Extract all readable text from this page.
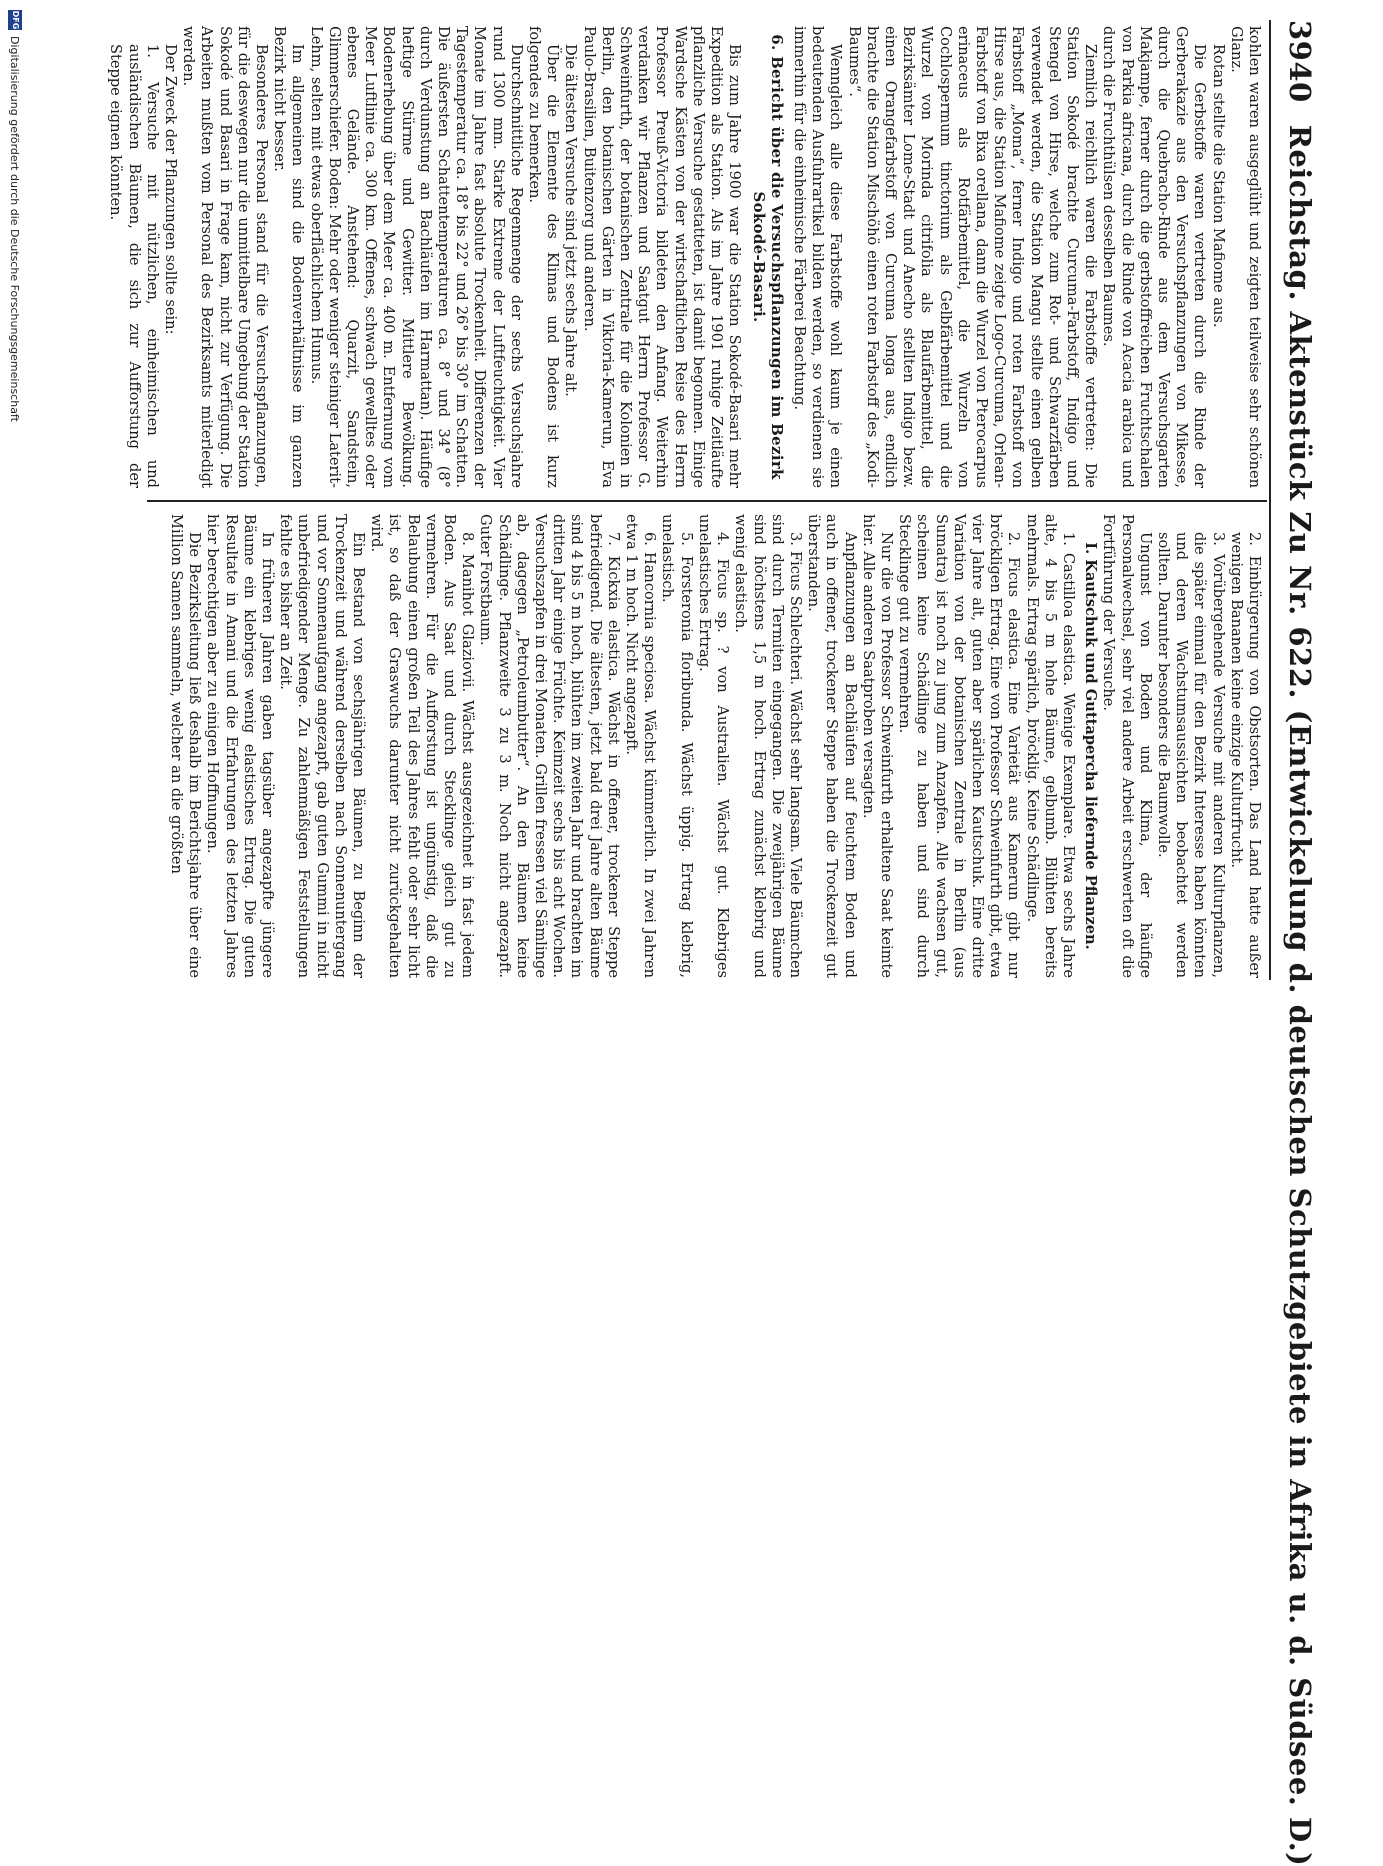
3940
Reichstag. Aktenstück Zu Nr. 622. (Entwickelung d. deutschen Schutzgebiete in Afrika u. d. Südsee. D.)

kohlen waren ausgeglüht und zeigten teilweise sehr schönen Glanz.

Rotan stellte die Station Mafiome aus.

Die Gerbstoffe waren vertreten durch die Rinde der Gerberakazie aus den Versuchspflanzungen von Mikesse, durch die Quebracho-Rinde aus dem Versuchsgarten Makjampe, ferner durch die gerbstoffreichen Fruchtschalen von Parkia africana, durch die Rinde von Acacia arabica und durch die Fruchthülsen desselben Baumes.

Ziemlich reichlich waren die Farbstoffe vertreten: Die Station Sokodé brachte Curcuma-Farbstoff, Indigo und Stengel von Hirse, welche zum Rot- und Schwarzfärben verwendet werden, die Station Mangu stellte einen gelben Farbstoff „Moma“, ferner Indigo und roten Farbstoff von Hirse aus, die Station Mafiome zeigte Logo-Curcuma, Orlean-Farbstoff von Bixa orellana, dann die Wurzel von Pterocarpus erinaceus als Rotfärbemittel, die Wurzeln von Cochlospermum tinctorium als Gelbfärbemittel und die Wurzel von Morinda citrifolia als Blaufärbemittel, die Bezirksämter Lome-Stadt und Anecho stellten Indigo bezw. einen Orangefarbstoff von Curcuma longa aus, endlich brachte die Station Mischöhö einen roten Farbstoff des „Kodi-Baumes“.

Wenngleich alle diese Farbstoffe wohl kaum je einen bedeutenden Ausfuhrartikel bilden werden, so verdienen sie immerhin für die einheimische Färberei Beachtung.

6. Bericht über die Versuchspflanzungen im Bezirk Sokodé-Basari.

Bis zum Jahre 1900 war die Station Sokodé-Basari mehr Expedition als Station. Als im Jahre 1901 ruhige Zeitläufte pflanzliche Versuche gestatteten, ist damit begonnen. Einige Wardsche Kästen von der wirtschaftlichen Reise des Herrn Professor Preuß-Victoria bildeten den Anfang. Weiterhin verdanken wir Pflanzen und Saatgut Herrn Professor G. Schweinfurth, der botanischen Zentrale für die Kolonien in Berlin, den botanischen Gärten in Viktoria-Kamerun, Eva Paulo-Brasilien, Buitenzorg und anderen.

Die ältesten Versuche sind jetzt sechs Jahre alt.

Über die Elemente des Klimas und Bodens ist kurz folgendes zu bemerken.

Durchschnittliche Regenmenge der sechs Versuchsjahre rund 1300 mm. Starke Extreme der Luftfeuchtigkeit. Vier Monate im Jahre fast absolute Trockenheit. Differenzen der Tagestemperatur ca. 18° bis 22° und 26° bis 30° im Schatten. Die äußersten Schattentemperaturen ca. 8° und 34° (8° durch Verdunstung an Bachläufen im Harmattan). Häufige heftige Stürme und Gewitter. Mittlere Bewölkung. Bodenerhebung über dem Meer ca. 400 m. Entfernung vom Meer Luftlinie ca. 300 km. Offenes, schwach gewelltes oder ebenes Gelände. Anstehend: Quarzit, Sandstein, Glimmerschiefer. Boden: Mehr oder weniger steiniger Laterit-Lehm, selten mit etwas oberflächlichem Humus.

Im allgemeinen sind die Bodenverhältnisse im ganzen Bezirk nicht besser.

Besonderes Personal stand für die Versuchspflanzungen, für die deswegen nur die unmittelbare Umgebung der Station Sokodé und Basari in Frage kam, nicht zur Verfügung. Die Arbeiten mußten vom Personal des Bezirksamts miterledigt werden.

Der Zweck der Pflanzungen sollte sein:

1. Versuche mit nützlichen, einheimischen und ausländischen Bäumen, die sich zur Aufforstung der Steppe eignen könnten.

2. Einbürgerung von Obstsorten. Das Land hatte außer wenigen Bananen keine einzige Kulturfrucht.

3. Vorübergehende Versuche mit anderen Kulturpflanzen, die später einmal für den Bezirk Interesse haben könnten und deren Wachstumsaussichten beobachtet werden sollten. Darunter besonders die Baumwolle.

Ungunst von Boden und Klima, der häufige Personalwechsel, sehr viel andere Arbeit erschwerten oft die Fortführung der Versuche.

I. Kautschuk und Guttapercha liefernde Pflanzen.

1. Castilloa elastica. Wenige Exemplare. Etwa sechs Jahre alte, 4 bis 5 m hohe Bäume, gelbumb. Blühten bereits mehrmals. Ertrag spärlich, bröcklig. Keine Schädlinge.

2. Ficus elastica. Eine Varietät aus Kamerun gibt nur bröckligen Ertrag. Eine von Professor Schweinfurth gibt, etwa vier Jahre alt, guten aber spärlichen Kautschuk. Eine dritte Variation von der botanischen Zentrale in Berlin (aus Sumatra) ist noch zu jung zum Anzapfen. Alle wachsen gut, scheinen keine Schädlinge zu haben und sind durch Stecklinge gut zu vermehren.

Nur die von Professor Schweinfurth erhaltene Saat keimte hier. Alle anderen Saatproben versagten.

Anpflanzungen an Bachläufen auf feuchtem Boden und auch in offener, trockener Steppe haben die Trockenzeit gut überstanden.

3. Ficus Schlechteri. Wächst sehr langsam. Viele Bäumchen sind durch Termiten eingegangen. Die zweijährigen Bäume sind höchstens 1,5 m hoch. Ertrag zunächst klebrig und wenig elastisch.

4. Ficus sp. ? von Australien. Wächst gut. Klebriges unelastisches Ertrag.

5. Forsteronia floribunda. Wächst üppig. Ertrag klebrig, unelastisch.

6. Hancornia speciosa. Wächst kümmerlich. In zwei Jahren etwa 1 m hoch. Nicht angezapft.

7. Kickxia elastica. Wächst in offener, trockener Steppe befriedigend. Die ältesten, jetzt bald drei Jahre alten Bäume sind 4 bis 5 m hoch, blühten im zweiten Jahr und brachten im dritten Jahr einige Früchte. Keimzeit sechs bis acht Wochen. Versuchszapfen in drei Monaten. Grillen fressen viel Sämlinge ab, dagegen „Petroleumbutter“. An den Bäumen keine Schädlinge. Pflanzweite 3 zu 3 m. Noch nicht angezapft. Guter Forstbaum.

8. Manihot Glaziovii. Wächst ausgezeichnet in fast jedem Boden. Aus Saat und durch Stecklinge gleich gut zu vermehren. Für die Aufforstung ist ungünstig, daß die Belaubung einen großen Teil des Jahres fehlt oder sehr licht ist, so daß der Graswuchs darunter nicht zurückgehalten wird.

Ein Bestand von sechsjährigen Bäumen, zu Beginn der Trockenzeit und während derselben nach Sonnenuntergang und vor Sonnenaufgang angezapft, gab guten Gummi in nicht unbefriedigender Menge. Zu zahlenmäßigen Feststellungen fehlte es bisher an Zeit.

In früheren Jahren gaben tagsüber angezapfte jüngere Bäume ein klebriges wenig elastisches Ertrag. Die guten Resultate in Amani und die Erfahrungen des letzten Jahres hier berechtigen aber zu einigen Hoffnungen.

Die Bezirksleitung ließ deshalb im Berichtsjahre über eine Million Samen sammeln, welcher an die größten

DFG
Digitalisierung gefördert durch die Deutsche Forschungsgemeinschaft
